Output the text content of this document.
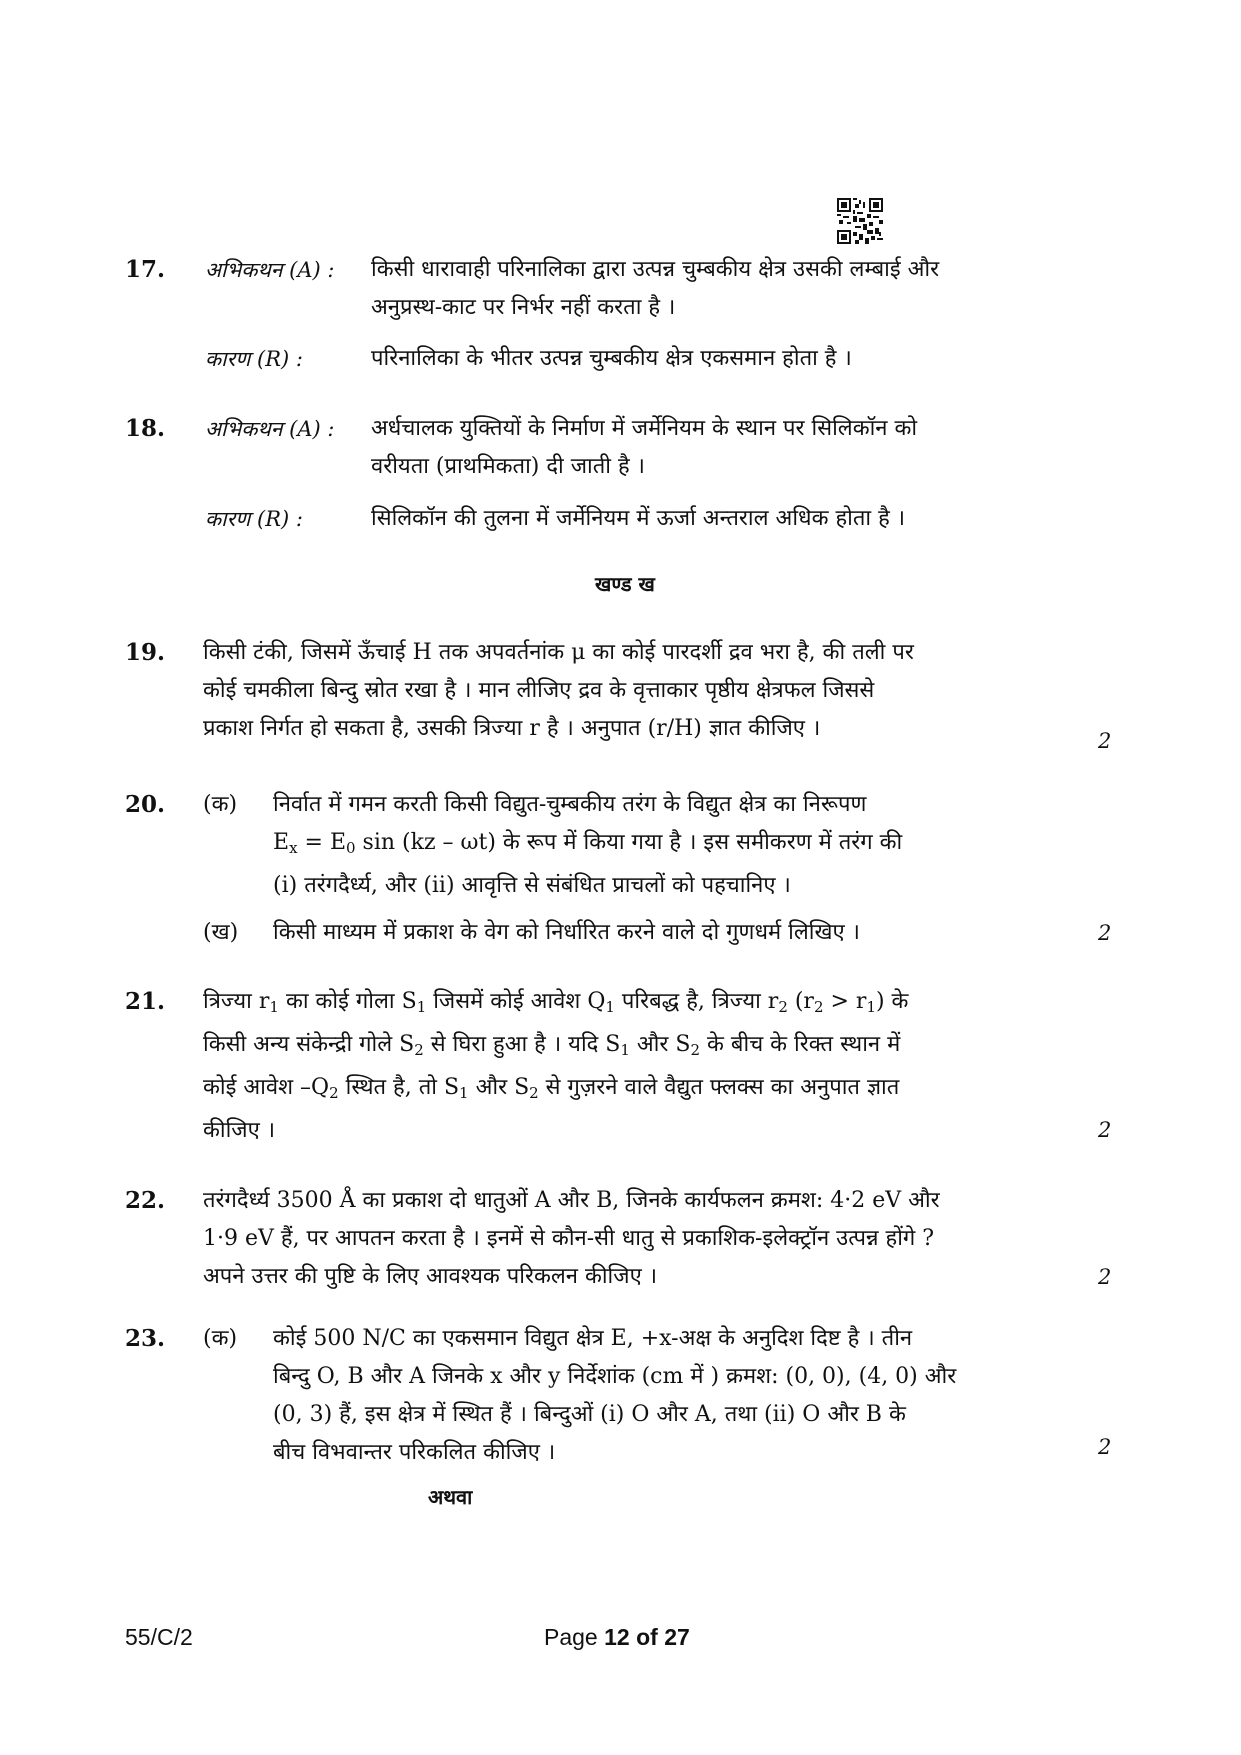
17. अभिकथन (A) : किसी धारावाही परिनालिका द्वारा उत्पन्न चुम्बकीय क्षेत्र उसकी लम्बाई और
अनुप्रस्थ-काट पर निर्भर नहीं करता है ।
कारण (R) :	परिनालिका के भीतर उत्पन्न चुम्बकीय क्षेत्र एकसमान होता है ।
18. अभिकथन (A) : अर्धचालक युक्तियों के निर्माण में जर्मेनियम के स्थान पर सिलिकॉन को
वरीयता (प्राथमिकता) दी जाती है ।
कारण (R) :	सिलिकॉन की तुलना में जर्मेनियम में ऊर्जा अन्तराल अधिक होता है ।
खण्ड ख
19. किसी टंकी, जिसमें ऊँचाई H तक अपवर्तनांक μ का कोई पारदर्शी द्रव भरा है, की तली पर
कोई चमकीला बिन्दु स्रोत रखा है । मान लीजिए द्रव के वृत्ताकार पृष्ठीय क्षेत्रफल जिससे
प्रकाश निर्गत हो सकता है, उसकी त्रिज्या r है । अनुपात (r/H) ज्ञात कीजिए ।	2
20. (क) निर्वात में गमन करती किसी विद्युत-चुम्बकीय तरंग के विद्युत क्षेत्र का निरूपण
$E_x = E_0$ sin (kz – ωt) के रूप में किया गया है । इस समीकरण में तरंग की
(i) तरंगदैर्ध्य, और (ii) आवृत्ति से संबंधित प्राचलों को पहचानिए ।
(ख) किसी माध्यम में प्रकाश के वेग को निर्धारित करने वाले दो गुणधर्म लिखिए ।	2
21. त्रिज्या $r_1$ का कोई गोला $S_1$ जिसमें कोई आवेश $Q_1$ परिबद्ध है, त्रिज्या $r_2$ $(r_2 > r_1)$ के
किसी अन्य संकेन्द्री गोले $S_2$ से घिरा हुआ है । यदि $S_1$ और $S_2$ के बीच के रिक्त स्थान में
कोई आवेश $-Q_2$ स्थित है, तो $S_1$ और $S_2$ से गुज़रने वाले वैद्युत फ्लक्स का अनुपात ज्ञात
कीजिए ।	2
22. तरंगदैर्ध्य 3500 Å का प्रकाश दो धातुओं A और B, जिनके कार्यफलन क्रमश: 4·2 eV और
1·9 eV हैं, पर आपतन करता है । इनमें से कौन-सी धातु से प्रकाशिक-इलेक्ट्रॉन उत्पन्न होंगे ?
अपने उत्तर की पुष्टि के लिए आवश्यक परिकलन कीजिए ।	2
23. (क) कोई 500 N/C का एकसमान विद्युत क्षेत्र E, +x-अक्ष के अनुदिश दिष्ट है । तीन
बिन्दु O, B और A जिनके x और y निर्देशांक (cm में ) क्रमश: (0, 0), (4, 0) और
(0, 3) हैं, इस क्षेत्र में स्थित हैं । बिन्दुओं (i) O और A, तथा (ii) O और B के
बीच विभवान्तर परिकलित कीजिए ।	2
अथवा
55/C/2	Page 12 of 27
